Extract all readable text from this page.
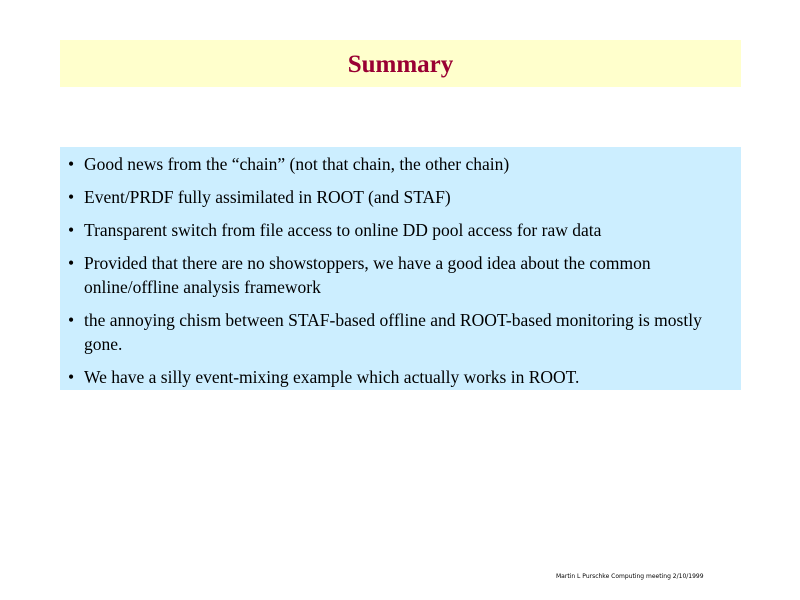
Summary
• Good news from the “chain” (not that chain, the other chain)
• Event/PRDF fully assimilated in ROOT (and STAF)
• Transparent switch from file access to online DD pool access for raw data
• Provided that there are no showstoppers, we have a good idea about the common online/offline analysis framework
• the annoying chism between STAF-based offline and ROOT-based monitoring is mostly gone.
• We have a silly event-mixing example which actually works in ROOT.
Martin L Purschke Computing meeting 2/10/1999
